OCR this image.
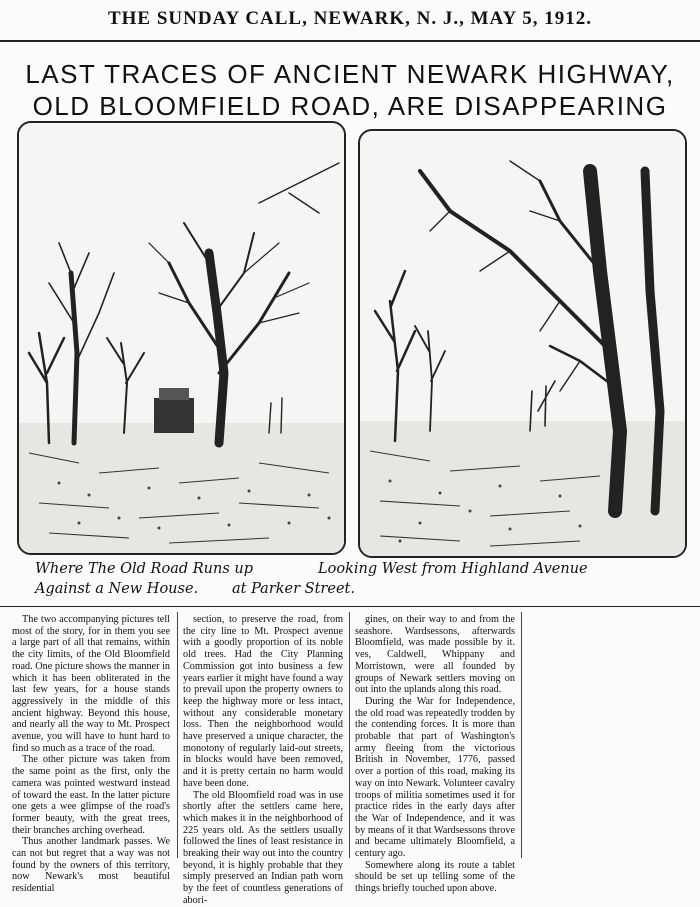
THE SUNDAY CALL, NEWARK, N. J., MAY 5, 1912.
LAST TRACES OF ANCIENT NEWARK HIGHWAY,
OLD BLOOMFIELD ROAD, ARE DISAPPEARING
Where The Old Road Runs up
Against a New House.
Looking West from Highland Avenue
at Parker Street.

The two accompanying pictures tell most of the story, for in them you see a large part of all that remains, within the city limits, of the Old Bloomfield road. One picture shows the manner in which it has been obliterated in the last few years, for a house stands aggressively in the middle of this ancient highway. Beyond this house, and nearly all the way to Mt. Prospect avenue, you will have to hunt hard to find so much as a trace of the road.

The other picture was taken from the same point as the first, only the camera was pointed westward instead of toward the east. In the latter picture one gets a wee glimpse of the road's former beauty, with the great trees, their branches arching overhead.

Thus another landmark passes. We can not but regret that a way was not found by the owners of this territory, now Newark's most beautiful residential

section, to preserve the road, from the city line to Mt. Prospect avenue with a goodly proportion of its noble old trees. Had the City Planning Commission got into business a few years earlier it might have found a way to prevail upon the property owners to keep the highway more or less intact, without any considerable monetary loss. Then the neighborhood would have preserved a unique character, the monotony of regularly laid-out streets, in blocks would have been removed, and it is pretty certain no harm would have been done.

The old Bloomfield road was in use shortly after the settlers came here, which makes it in the neighborhood of 225 years old. As the settlers usually followed the lines of least resistance in breaking their way out into the country beyond, it is highly probable that they simply preserved an Indian path worn by the feet of countless generations of abori-

gines, on their way to and from the seashore. Wardsessons, afterwards Bloomfield, was made possible by it. ves, Caldwell, Whippany and Morristown, were all founded by groups of Newark settlers moving on out into the uplands along this road.

During the War for Independence, the old road was repeatedly trodden by the contending forces. It is more than probable that part of Washington's army fleeing from the victorious British in November, 1776, passed over a portion of this road, making its way on into Newark. Volunteer cavalry troops of militia sometimes used it for practice rides in the early days after the War of Independence, and it was by means of it that Wardsessons throve and became ultimately Bloomfield, a century ago.

Somewhere along its route a tablet should be set up telling some of the things briefly touched upon above.
